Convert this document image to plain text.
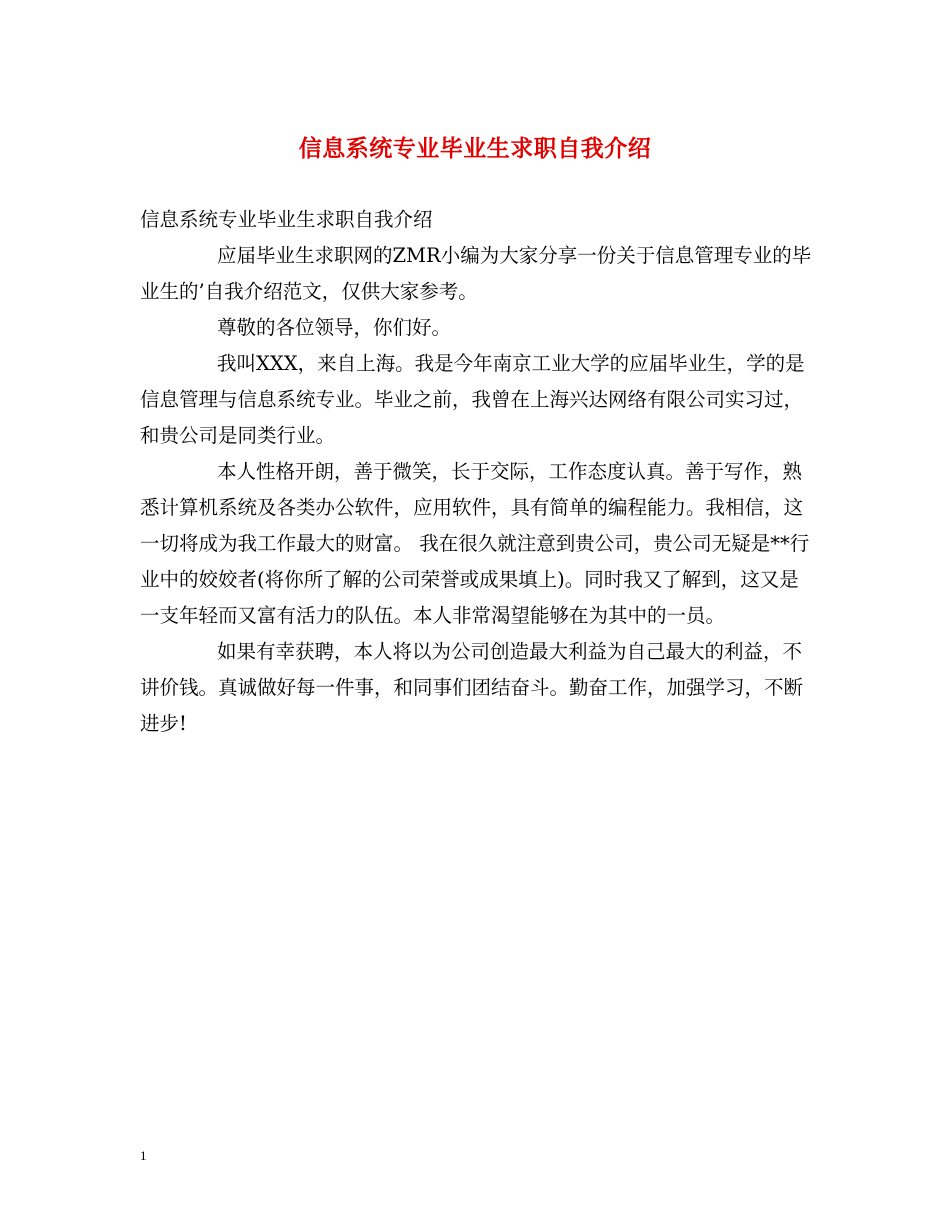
信息系统专业毕业生求职自我介绍

信息系统专业毕业生求职自我介绍

应届毕业生求职网的ZMR小编为大家分享一份关于信息管理专业的毕业生的’自我介绍范文，仅供大家参考。

尊敬的各位领导，你们好。

我叫XXX，来自上海。我是今年南京工业大学的应届毕业生，学的是信息管理与信息系统专业。毕业之前，我曾在上海兴达网络有限公司实习过，和贵公司是同类行业。

本人性格开朗，善于微笑，长于交际，工作态度认真。善于写作，熟悉计算机系统及各类办公软件，应用软件，具有简单的编程能力。我相信，这一切将成为我工作最大的财富。 我在很久就注意到贵公司，贵公司无疑是**行业中的姣姣者(将你所了解的公司荣誉或成果填上)。同时我又了解到，这又是一支年轻而又富有活力的队伍。本人非常渴望能够在为其中的一员。

如果有幸获聘，本人将以为公司创造最大利益为自己最大的利益，不讲价钱。真诚做好每一件事，和同事们团结奋斗。勤奋工作，加强学习，不断进步!

1
